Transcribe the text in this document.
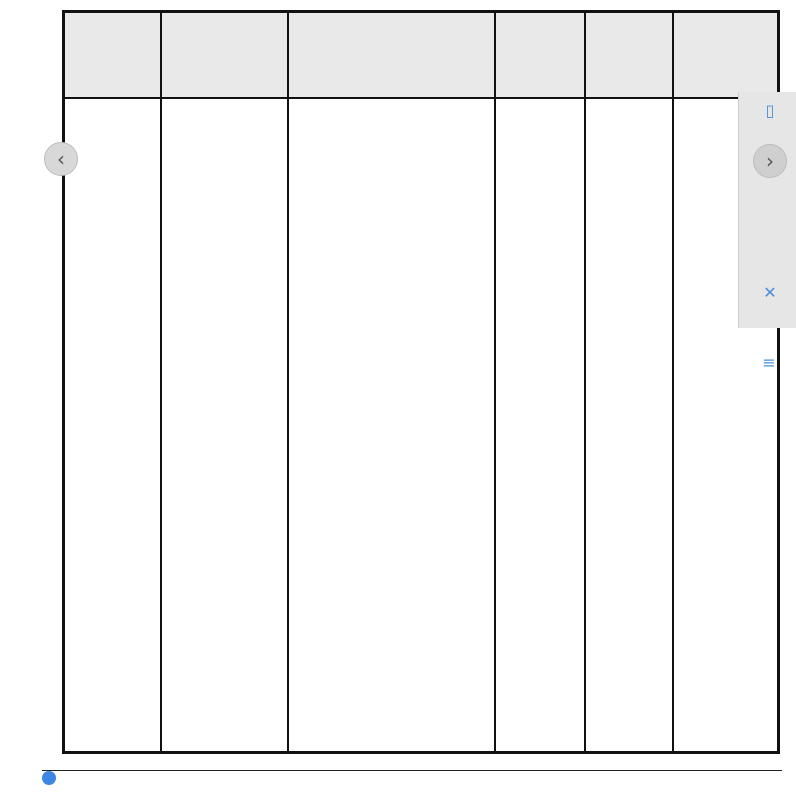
‹	›
▯
✕
≡
